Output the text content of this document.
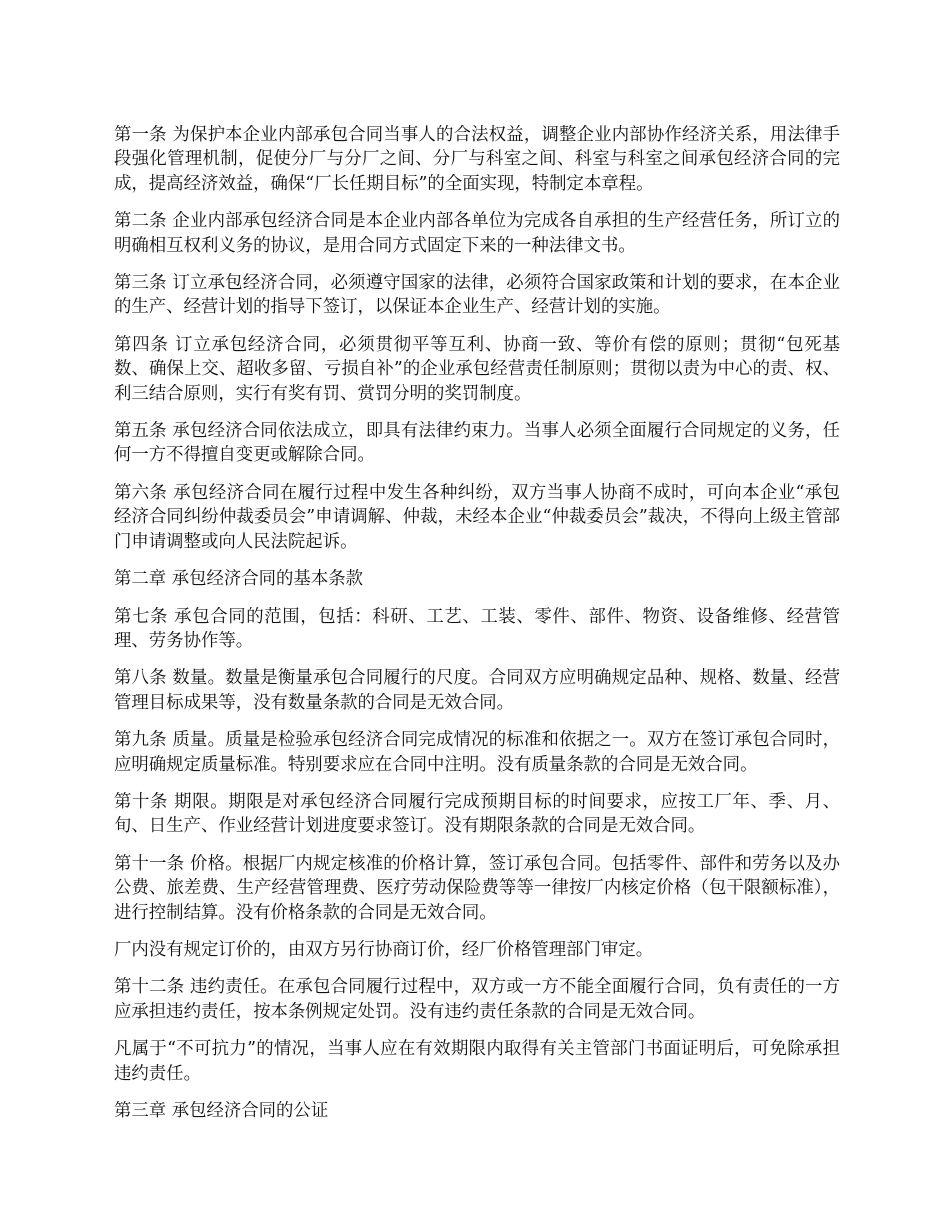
第一条 为保护本企业内部承包合同当事人的合法权益，调整企业内部协作经济关系，用法律手段强化管理机制，促使分厂与分厂之间、分厂与科室之间、科室与科室之间承包经济合同的完成，提高经济效益，确保“厂长任期目标”的全面实现，特制定本章程。

第二条 企业内部承包经济合同是本企业内部各单位为完成各自承担的生产经营任务，所订立的明确相互权利义务的协议，是用合同方式固定下来的一种法律文书。

第三条 订立承包经济合同，必须遵守国家的法律，必须符合国家政策和计划的要求，在本企业的生产、经营计划的指导下签订，以保证本企业生产、经营计划的实施。

第四条 订立承包经济合同，必须贯彻平等互利、协商一致、等价有偿的原则；贯彻“包死基数、确保上交、超收多留、亏损自补”的企业承包经营责任制原则；贯彻以责为中心的责、权、利三结合原则，实行有奖有罚、赏罚分明的奖罚制度。

第五条 承包经济合同依法成立，即具有法律约束力。当事人必须全面履行合同规定的义务，任何一方不得擅自变更或解除合同。

第六条 承包经济合同在履行过程中发生各种纠纷，双方当事人协商不成时，可向本企业“承包经济合同纠纷仲裁委员会”申请调解、仲裁，未经本企业“仲裁委员会”裁决，不得向上级主管部门申请调整或向人民法院起诉。

第二章 承包经济合同的基本条款

第七条 承包合同的范围，包括：科研、工艺、工装、零件、部件、物资、设备维修、经营管理、劳务协作等。

第八条 数量。数量是衡量承包合同履行的尺度。合同双方应明确规定品种、规格、数量、经营管理目标成果等，没有数量条款的合同是无效合同。

第九条 质量。质量是检验承包经济合同完成情况的标准和依据之一。双方在签订承包合同时，应明确规定质量标准。特别要求应在合同中注明。没有质量条款的合同是无效合同。

第十条 期限。期限是对承包经济合同履行完成预期目标的时间要求，应按工厂年、季、月、旬、日生产、作业经营计划进度要求签订。没有期限条款的合同是无效合同。

第十一条 价格。根据厂内规定核准的价格计算，签订承包合同。包括零件、部件和劳务以及办公费、旅差费、生产经营管理费、医疗劳动保险费等等一律按厂内核定价格（包干限额标准），进行控制结算。没有价格条款的合同是无效合同。

厂内没有规定订价的，由双方另行协商订价，经厂价格管理部门审定。

第十二条 违约责任。在承包合同履行过程中，双方或一方不能全面履行合同，负有责任的一方应承担违约责任，按本条例规定处罚。没有违约责任条款的合同是无效合同。

凡属于“不可抗力”的情况，当事人应在有效期限内取得有关主管部门书面证明后，可免除承担违约责任。

第三章 承包经济合同的公证
